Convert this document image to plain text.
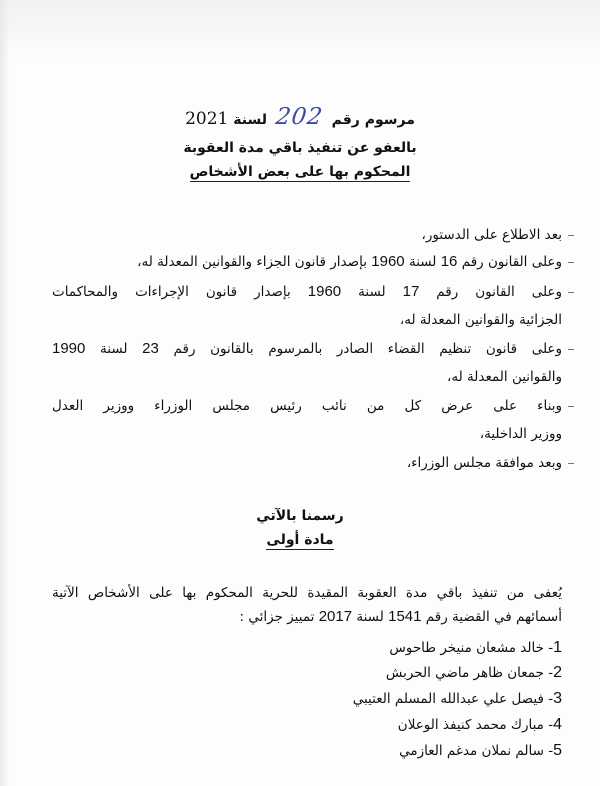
مرسوم رقم 202 لسنة 2021
بالعفو عن تنفيذ باقي مدة العقوبة
المحكوم بها على بعض الأشخاص
بعد الاطلاع على الدستور،
وعلى القانون رقم 16 لسنة 1960 بإصدار قانون الجزاء والقوانين المعدلة له،
وعلى القانون رقم 17 لسنة 1960 بإصدار قانون الإجراءات والمحاكمات
الجزائية والقوانين المعدلة له،
وعلى قانون تنظيم القضاء الصادر بالمرسوم بالقانون رقم 23 لسنة 1990
والقوانين المعدلة له،
وبناء على عرض كل من نائب رئيس مجلس الوزراء ووزير العدل
ووزير الداخلية،
وبعد موافقة مجلس الوزراء،
رسمنا بالآتي
مادة أولى
يُعفى من تنفيذ باقي مدة العقوبة المقيدة للحرية المحكوم بها على الأشخاص الآتية
أسمائهم في القضية رقم 1541 لسنة 2017 تمييز جزائي :
1- خالد مشعان منيخر طاحوس
2- جمعان ظاهر ماضي الحربش
3- فيصل علي عبدالله المسلم العتيبي
4- مبارك محمد كنيفذ الوعلان
5- سالم نملان مدغم العازمي
